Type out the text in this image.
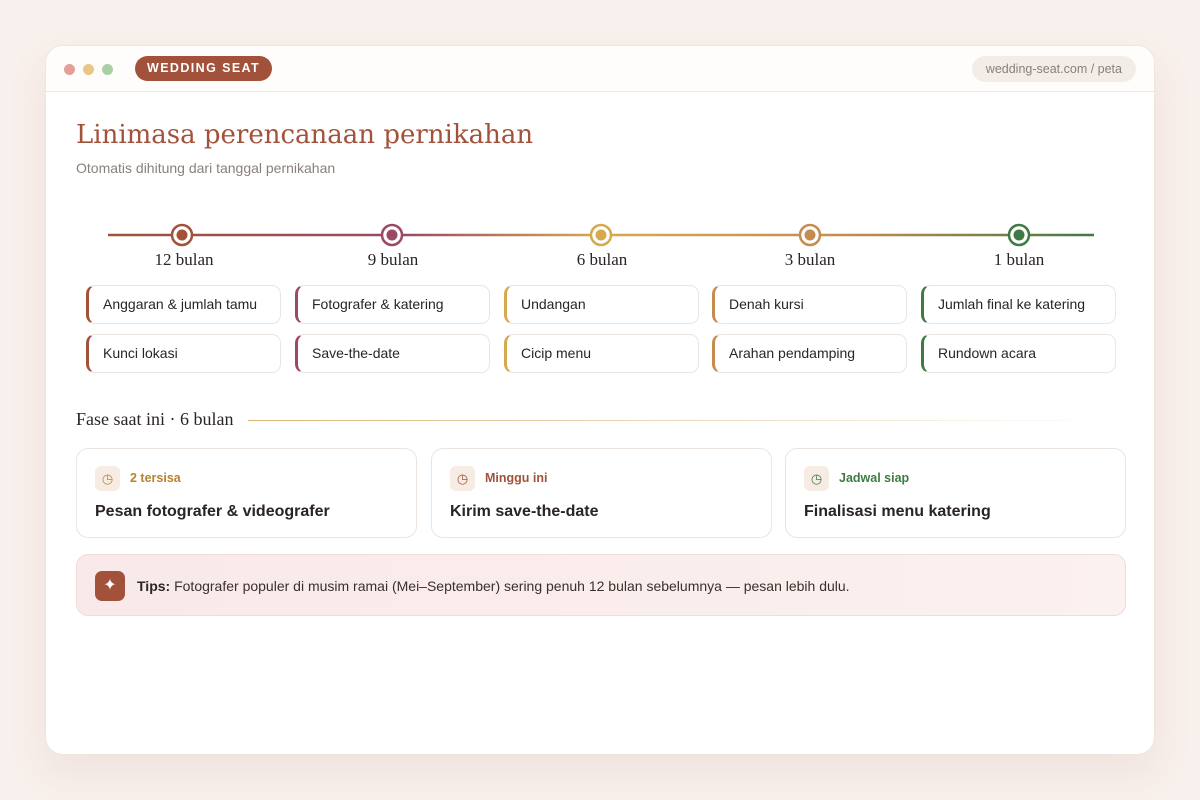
WEDDING SEAT	wedding-seat.com / peta
Linimasa perencanaan pernikahan
Otomatis dihitung dari tanggal pernikahan
12 bulan
Anggaran & jumlah tamu
Kunci lokasi
9 bulan
Fotografer & katering
Save-the-date
6 bulan
Undangan
Cicip menu
3 bulan
Denah kursi
Arahan pendamping
1 bulan
Jumlah final ke katering
Rundown acara
Fase saat ini · 6 bulan
◷	2 tersisa
Pesan fotografer & videografer
◷	Minggu ini
Kirim save-the-date
◷	Jadwal siap
Finalisasi menu katering
✦	Tips: Fotografer populer di musim ramai (Mei–September) sering penuh 12 bulan sebelumnya — pesan lebih dulu.
